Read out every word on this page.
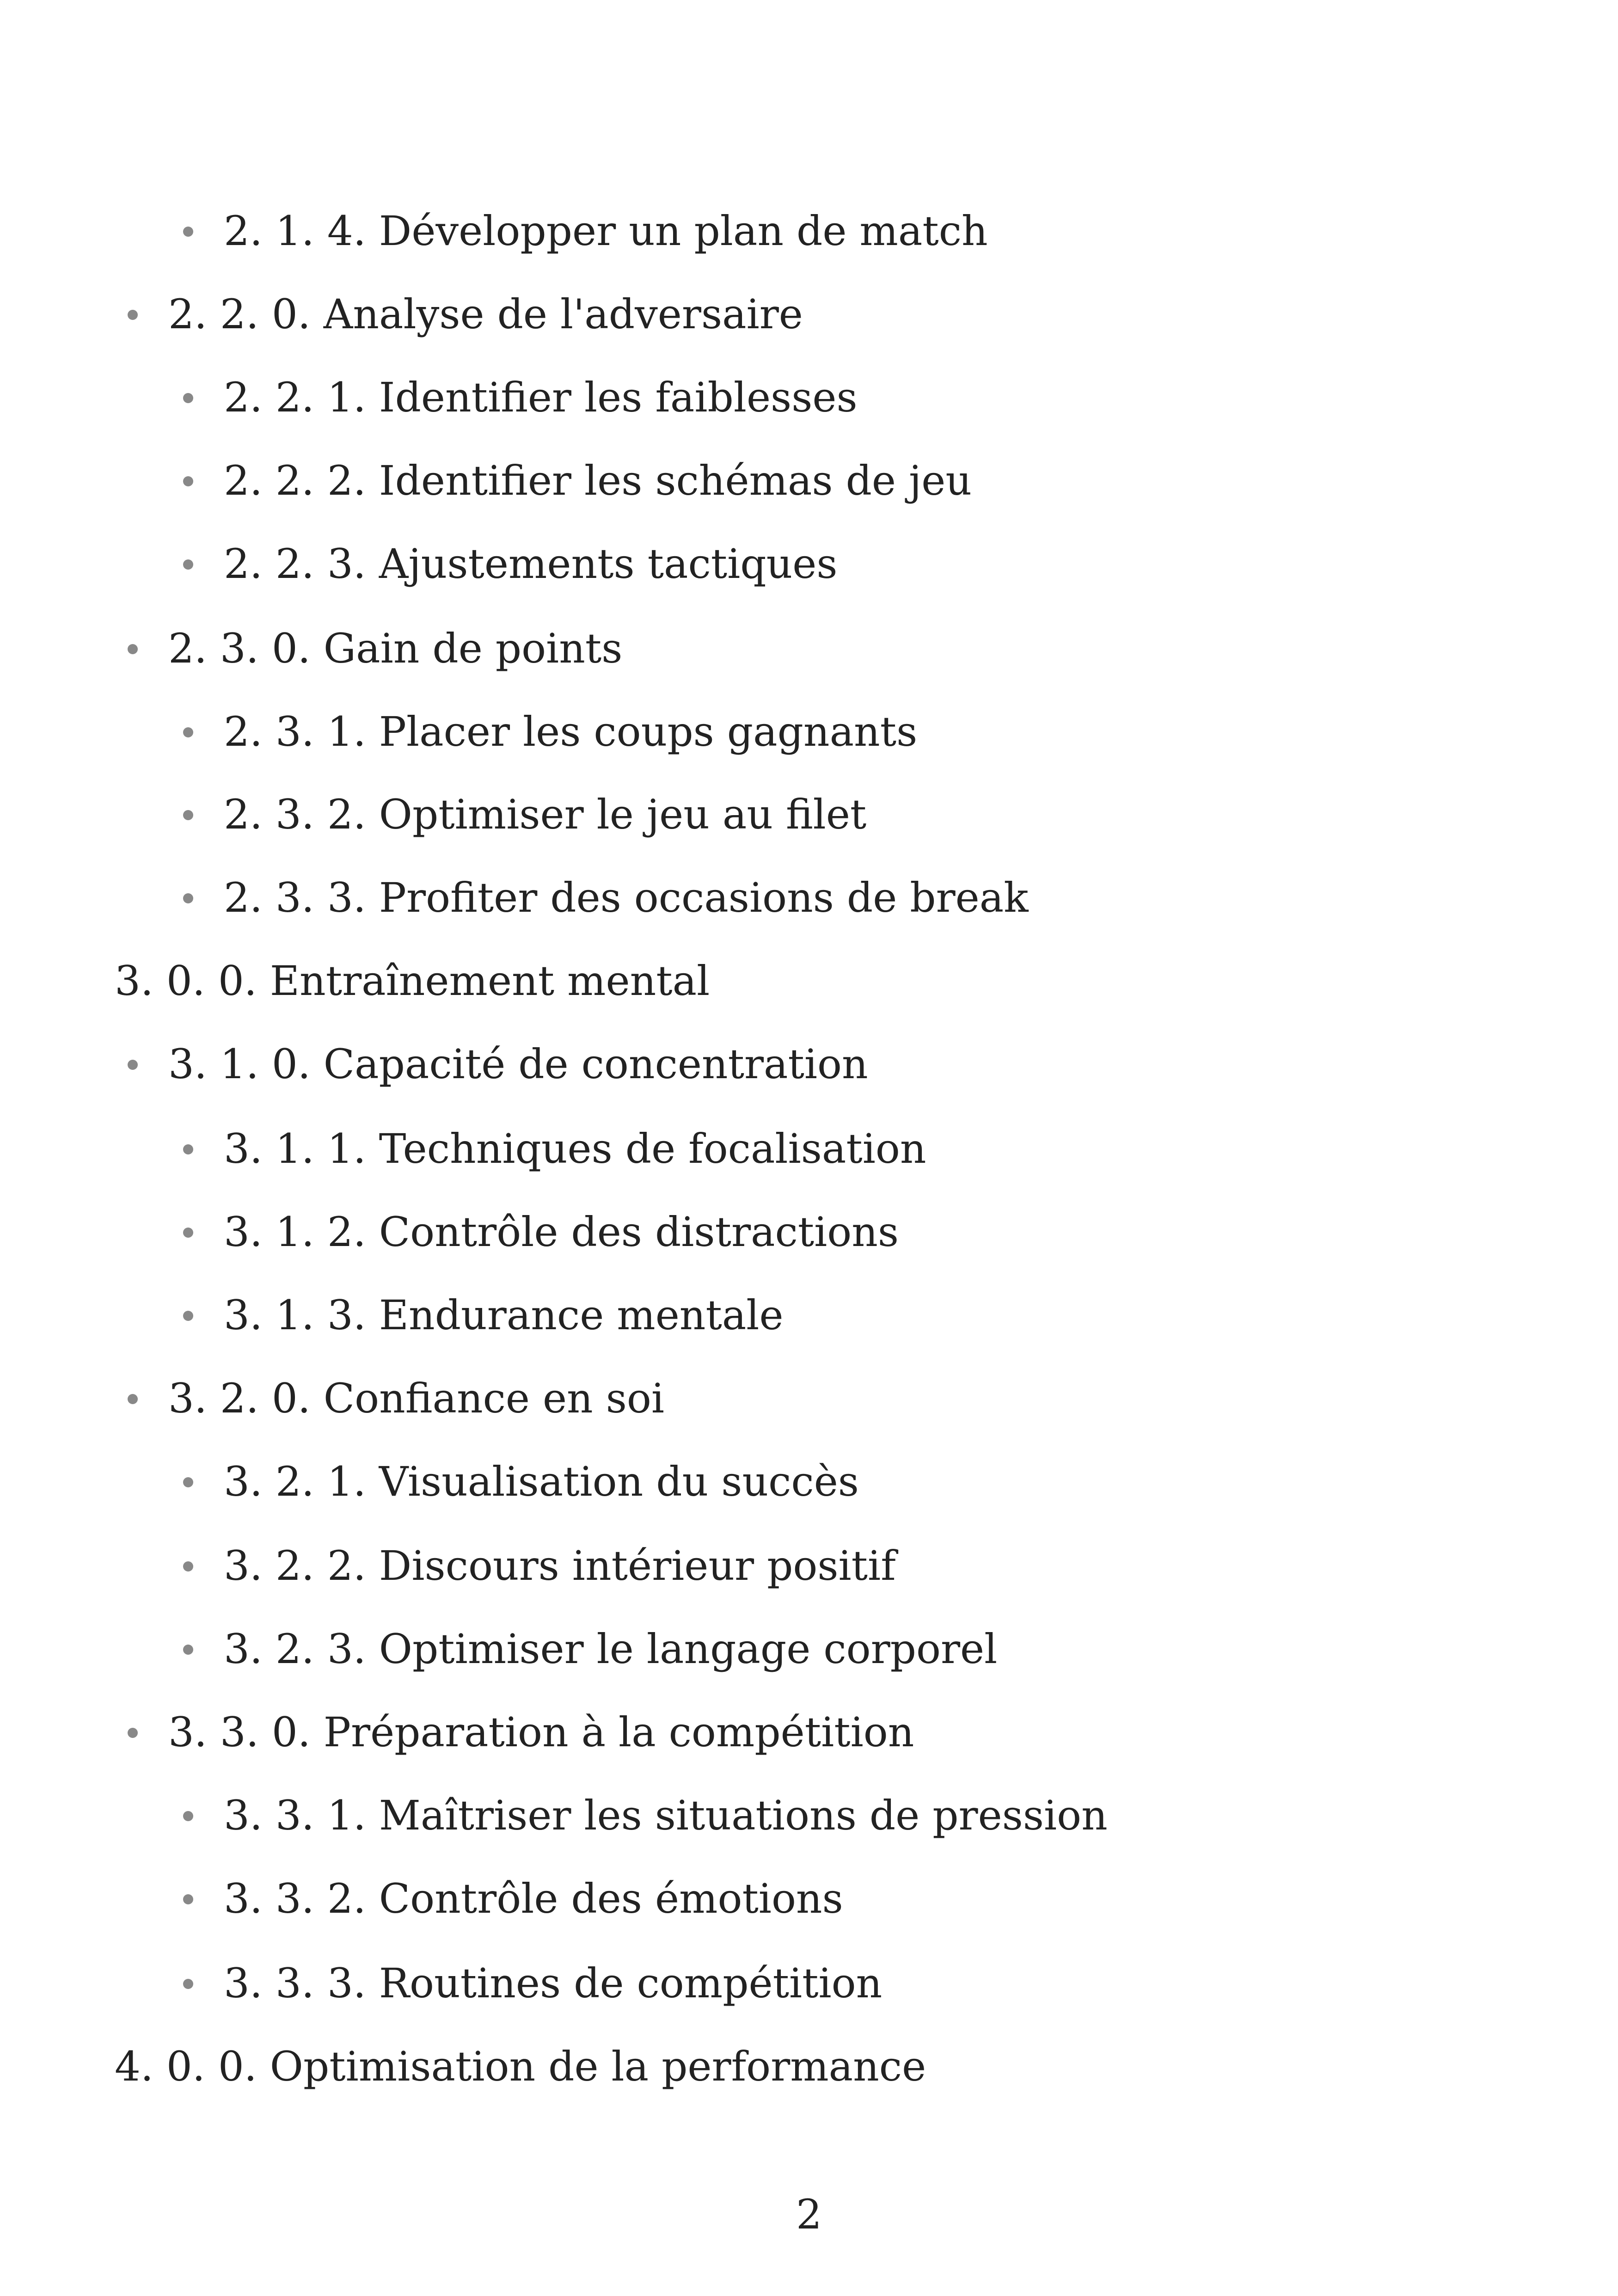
2. 1. 4. Développer un plan de match
2. 2. 0. Analyse de l'adversaire
2. 2. 1. Identifier les faiblesses
2. 2. 2. Identifier les schémas de jeu
2. 2. 3. Ajustements tactiques
2. 3. 0. Gain de points
2. 3. 1. Placer les coups gagnants
2. 3. 2. Optimiser le jeu au filet
2. 3. 3. Profiter des occasions de break
3. 0. 0. Entraînement mental
3. 1. 0. Capacité de concentration
3. 1. 1. Techniques de focalisation
3. 1. 2. Contrôle des distractions
3. 1. 3. Endurance mentale
3. 2. 0. Confiance en soi
3. 2. 1. Visualisation du succès
3. 2. 2. Discours intérieur positif
3. 2. 3. Optimiser le langage corporel
3. 3. 0. Préparation à la compétition
3. 3. 1. Maîtriser les situations de pression
3. 3. 2. Contrôle des émotions
3. 3. 3. Routines de compétition
4. 0. 0. Optimisation de la performance
2
